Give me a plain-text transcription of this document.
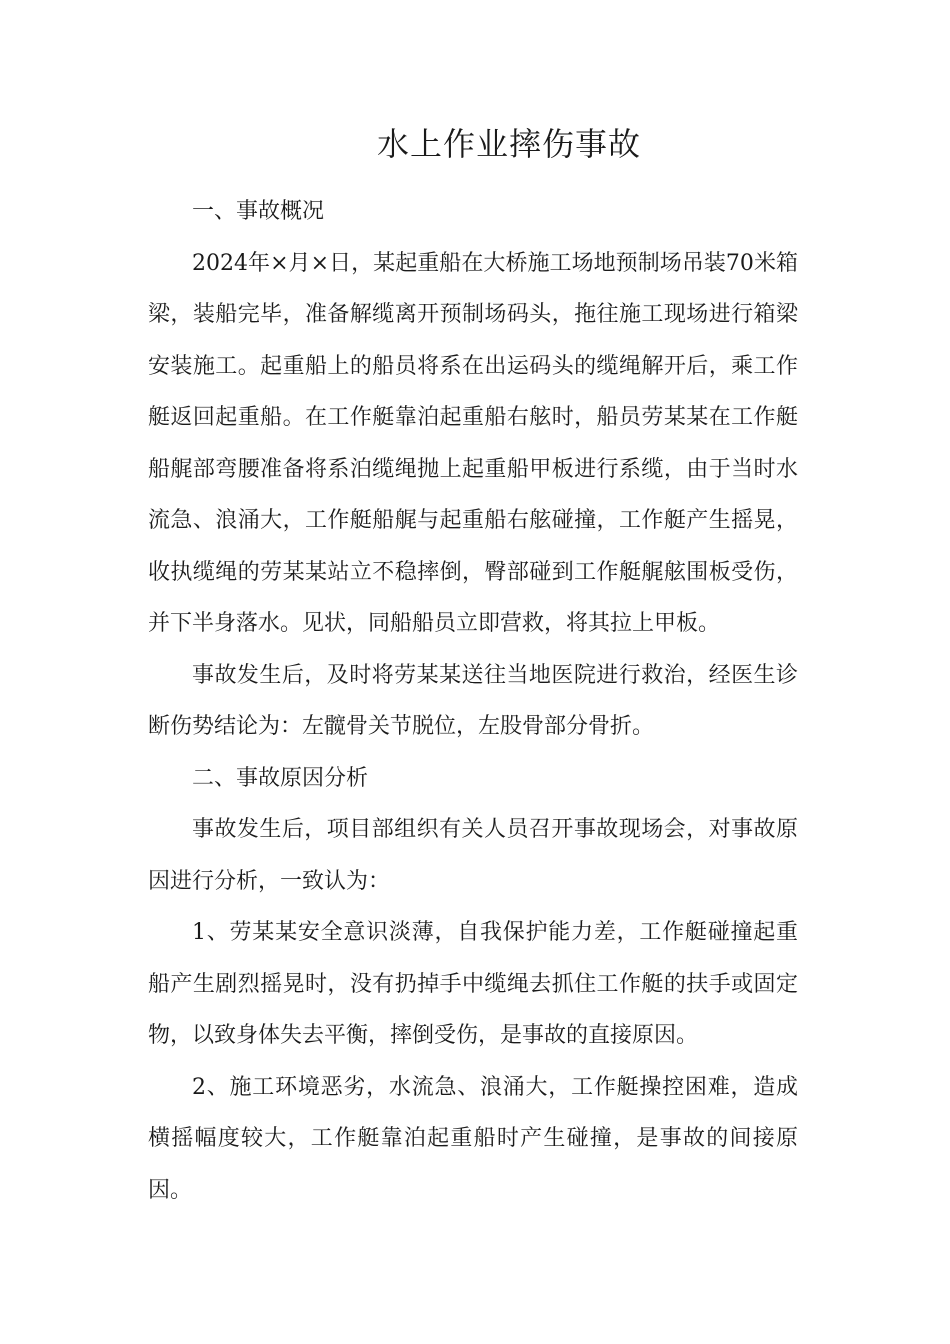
水上作业摔伤事故

一、事故概况

2024年×月×日，某起重船在大桥施工场地预制场吊装70米箱梁，装船完毕，准备解缆离开预制场码头，拖往施工现场进行箱梁安装施工。起重船上的船员将系在出运码头的缆绳解开后，乘工作艇返回起重船。在工作艇靠泊起重船右舷时，船员劳某某在工作艇船艉部弯腰准备将系泊缆绳抛上起重船甲板进行系缆，由于当时水流急、浪涌大，工作艇船艉与起重船右舷碰撞，工作艇产生摇晃，收执缆绳的劳某某站立不稳摔倒，臀部碰到工作艇艉舷围板受伤，并下半身落水。见状，同船船员立即营救，将其拉上甲板。

事故发生后，及时将劳某某送往当地医院进行救治，经医生诊断伤势结论为：左髋骨关节脱位，左股骨部分骨折。

二、事故原因分析

事故发生后，项目部组织有关人员召开事故现场会，对事故原因进行分析，一致认为：

1、劳某某安全意识淡薄，自我保护能力差，工作艇碰撞起重船产生剧烈摇晃时，没有扔掉手中缆绳去抓住工作艇的扶手或固定物，以致身体失去平衡，摔倒受伤，是事故的直接原因。

2、施工环境恶劣，水流急、浪涌大，工作艇操控困难，造成横摇幅度较大，工作艇靠泊起重船时产生碰撞，是事故的间接原因。
